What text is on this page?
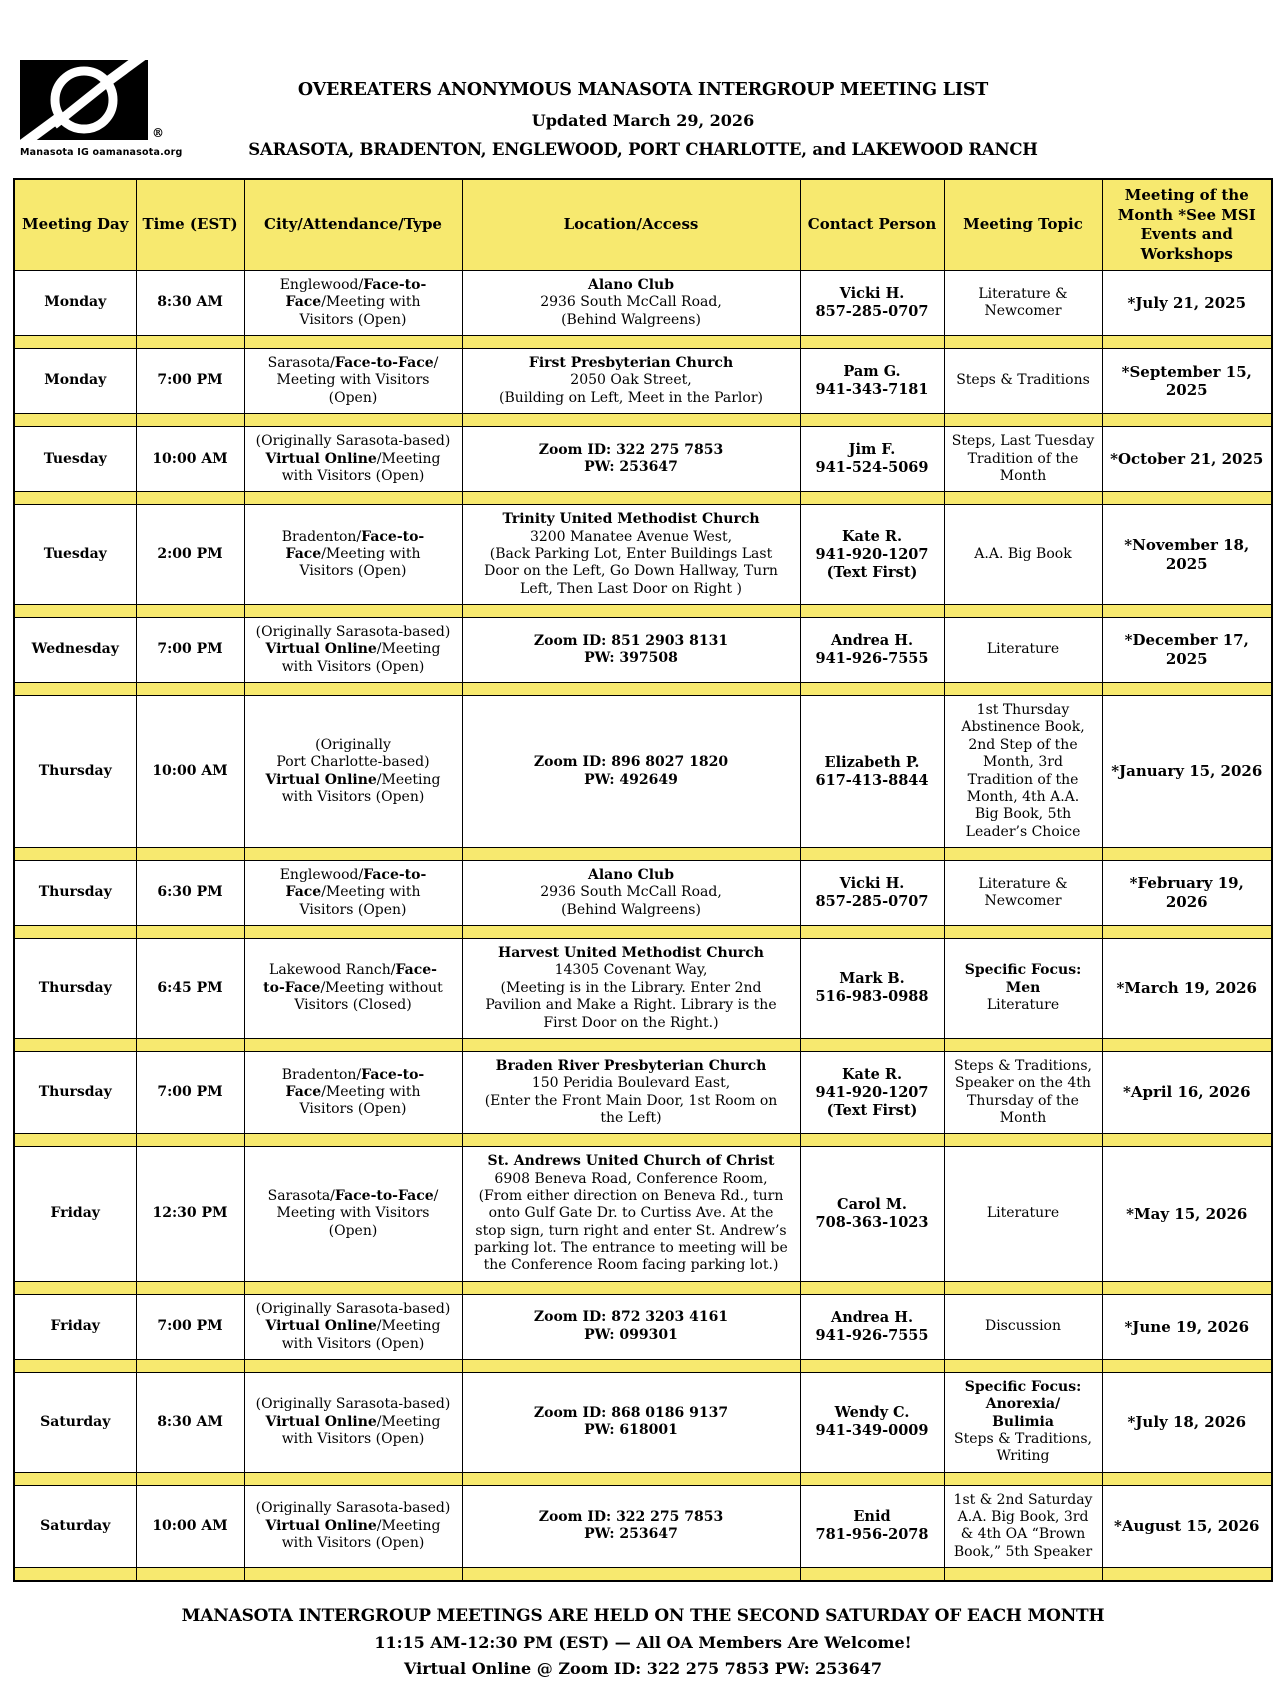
®
Manasota IG oamanasota.org
OVEREATERS ANONYMOUS MANASOTA INTERGROUP MEETING LIST
Updated March 29, 2026
SARASOTA, BRADENTON, ENGLEWOOD, PORT CHARLOTTE, and LAKEWOOD RANCH
Meeting Day	Time (EST)	City/Attendance/Type	Location/Access	Contact Person	Meeting Topic	Meeting of the Month *See MSI Events and Workshops
Monday	8:30 AM	Englewood/Face-to-
Face/Meeting with
Visitors (Open)	Alano Club
2936 South McCall Road,
(Behind Walgreens)	Vicki H.
857-285-0707	Literature &
Newcomer	*July 21, 2025

Monday	7:00 PM	Sarasota/Face-to-Face/
Meeting with Visitors
(Open)	First Presbyterian Church
2050 Oak Street,
(Building on Left, Meet in the Parlor)	Pam G.
941-343-7181	Steps & Traditions	*September 15, 2025

Tuesday	10:00 AM	(Originally Sarasota-based)
Virtual Online/Meeting
with Visitors (Open)	Zoom ID: 322 275 7853
PW: 253647	Jim F.
941-524-5069	Steps, Last Tuesday
Tradition of the
Month	*October 21, 2025

Tuesday	2:00 PM	Bradenton/Face-to-
Face/Meeting with
Visitors (Open)	Trinity United Methodist Church
3200 Manatee Avenue West,
(Back Parking Lot, Enter Buildings Last
Door on the Left, Go Down Hallway, Turn
Left, Then Last Door on Right )	Kate R.
941-920-1207
(Text First)	A.A. Big Book	*November 18, 2025

Wednesday	7:00 PM	(Originally Sarasota-based)
Virtual Online/Meeting
with Visitors (Open)	Zoom ID: 851 2903 8131
PW: 397508	Andrea H.
941-926-7555	Literature	*December 17, 2025

Thursday	10:00 AM	(Originally
Port Charlotte-based)
Virtual Online/Meeting
with Visitors (Open)	Zoom ID: 896 8027 1820
PW: 492649	Elizabeth P.
617-413-8844	1st Thursday
Abstinence Book,
2nd Step of the
Month, 3rd
Tradition of the
Month, 4th A.A.
Big Book, 5th
Leader’s Choice	*January 15, 2026

Thursday	6:30 PM	Englewood/Face-to-
Face/Meeting with
Visitors (Open)	Alano Club
2936 South McCall Road,
(Behind Walgreens)	Vicki H.
857-285-0707	Literature &
Newcomer	*February 19, 2026

Thursday	6:45 PM	Lakewood Ranch/Face-
to-Face/Meeting without
Visitors (Closed)	Harvest United Methodist Church
14305 Covenant Way,
(Meeting is in the Library. Enter 2nd
Pavilion and Make a Right. Library is the
First Door on the Right.)	Mark B.
516-983-0988	Specific Focus:
Men
Literature	*March 19, 2026

Thursday	7:00 PM	Bradenton/Face-to-
Face/Meeting with
Visitors (Open)	Braden River Presbyterian Church
150 Peridia Boulevard East,
(Enter the Front Main Door, 1st Room on
the Left)	Kate R.
941-920-1207
(Text First)	Steps & Traditions,
Speaker on the 4th
Thursday of the
Month	*April 16, 2026

Friday	12:30 PM	Sarasota/Face-to-Face/
Meeting with Visitors
(Open)	St. Andrews United Church of Christ
6908 Beneva Road, Conference Room,
(From either direction on Beneva Rd., turn
onto Gulf Gate Dr. to Curtiss Ave. At the
stop sign, turn right and enter St. Andrew’s
parking lot. The entrance to meeting will be
the Conference Room facing parking lot.)	Carol M.
708-363-1023	Literature	*May 15, 2026

Friday	7:00 PM	(Originally Sarasota-based)
Virtual Online/Meeting
with Visitors (Open)	Zoom ID: 872 3203 4161
PW: 099301	Andrea H.
941-926-7555	Discussion	*June 19, 2026

Saturday	8:30 AM	(Originally Sarasota-based)
Virtual Online/Meeting
with Visitors (Open)	Zoom ID: 868 0186 9137
PW: 618001	Wendy C.
941-349-0009	Specific Focus:
Anorexia/
Bulimia
Steps & Traditions,
Writing	*July 18, 2026

Saturday	10:00 AM	(Originally Sarasota-based)
Virtual Online/Meeting
with Visitors (Open)	Zoom ID: 322 275 7853
PW: 253647	Enid
781-956-2078	1st & 2nd Saturday
A.A. Big Book, 3rd
& 4th OA “Brown
Book,” 5th Speaker	*August 15, 2026

MANASOTA INTERGROUP MEETINGS ARE HELD ON THE SECOND SATURDAY OF EACH MONTH
11:15 AM-12:30 PM (EST) — All OA Members Are Welcome!
Virtual Online @ Zoom ID: 322 275 7853 PW: 253647
